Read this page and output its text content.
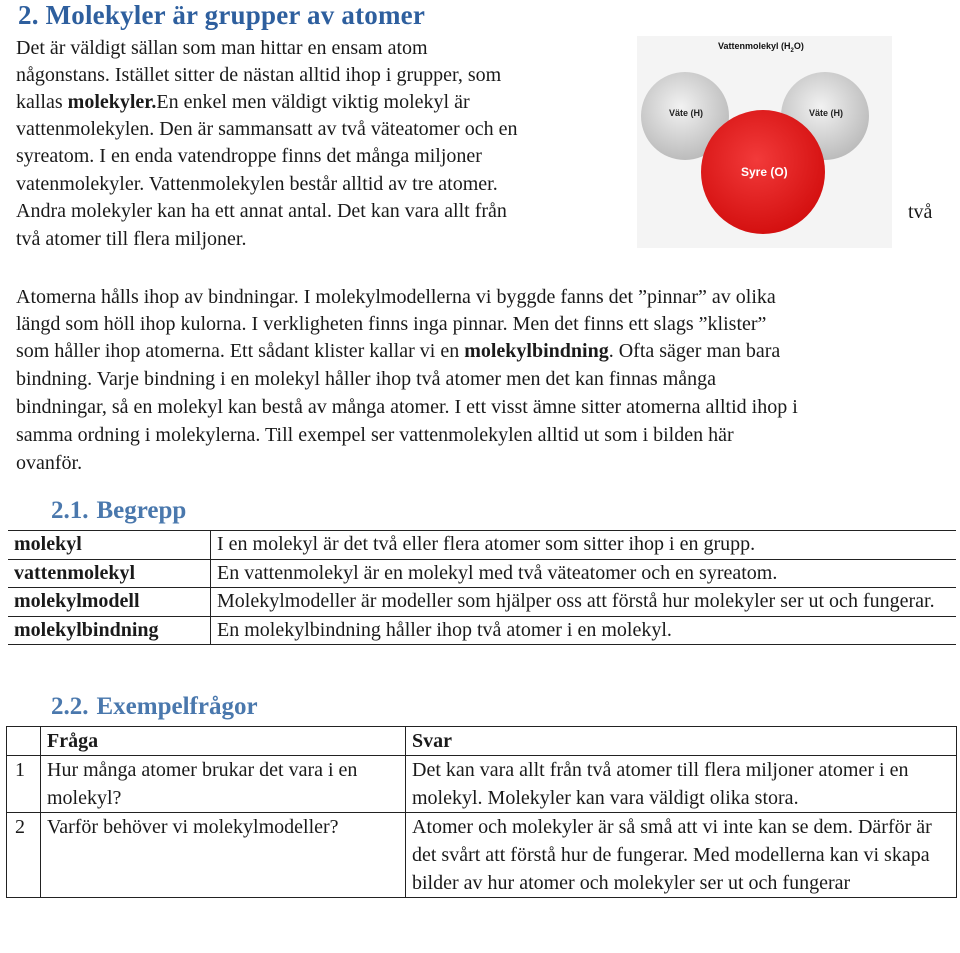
2. Molekyler är grupper av atomer
Det är väldigt sällan som man hittar en ensam atom
någonstans. Istället sitter de nästan alltid ihop i grupper, som
kallas molekyler.En enkel men väldigt viktig molekyl är
vattenmolekylen. Den är sammansatt av två väteatomer och en
syreatom. I en enda vatendroppe finns det många miljoner
vatenmolekyler. Vattenmolekylen består alltid av tre atomer.
Andra molekyler kan ha ett annat antal. Det kan vara allt från
två atomer till flera miljoner.
Vattenmolekyl $(H_2O)$
Väte (H)	Väte (H)
Syre (O)
två
Atomerna hålls ihop av bindningar. I molekylmodellerna vi byggde fanns det ”pinnar” av olika
längd som höll ihop kulorna. I verkligheten finns inga pinnar. Men det finns ett slags ”klister”
som håller ihop atomerna. Ett sådant klister kallar vi en molekylbindning. Ofta säger man bara
bindning. Varje bindning i en molekyl håller ihop två atomer men det kan finnas många
bindningar, så en molekyl kan bestå av många atomer. I ett visst ämne sitter atomerna alltid ihop i
samma ordning i molekylerna. Till exempel ser vattenmolekylen alltid ut som i bilden här
ovanför.
2.1. Begrepp
molekyl	I en molekyl är det två eller flera atomer som sitter ihop i en grupp.
vattenmolekyl	En vattenmolekyl är en molekyl med två väteatomer och en syreatom.
molekylmodell	Molekylmodeller är modeller som hjälper oss att förstå hur molekyler ser ut och fungerar.
molekylbindning	En molekylbindning håller ihop två atomer i en molekyl.
2.2. Exempelfrågor
	Fråga	Svar
1	Hur många atomer brukar det vara i en molekyl?	Det kan vara allt från två atomer till flera miljoner atomer i en molekyl. Molekyler kan vara väldigt olika stora.
2	Varför behöver vi molekylmodeller?	Atomer och molekyler är så små att vi inte kan se dem. Därför är det svårt att förstå hur de fungerar. Med modellerna kan vi skapa bilder av hur atomer och molekyler ser ut och fungerar
